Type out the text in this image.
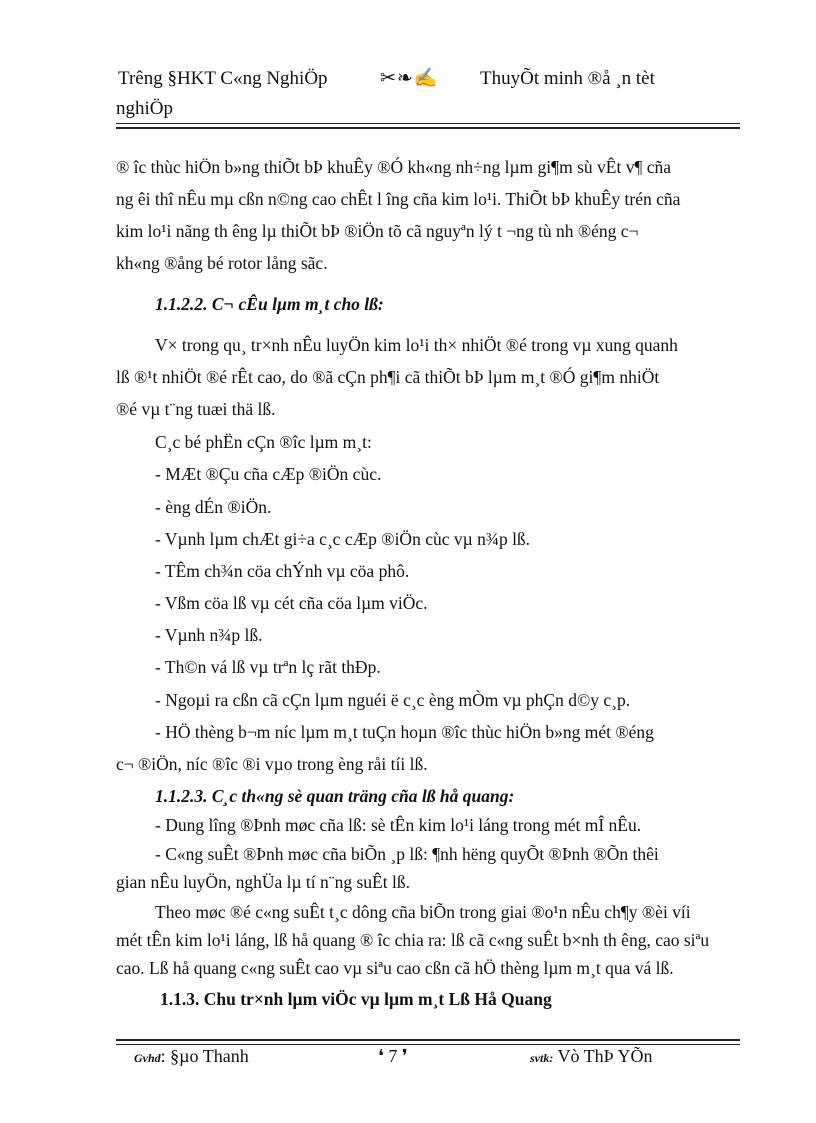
Trêng §HKT C«ng NghiÖp	✂❧✍ ThuyÕt minh ®å ¸n tèt
nghiÖp
® îc thùc hiÖn b»ng thiÕt bÞ khuÊy ®Ó kh«ng nh÷ng lµm gi¶m sù vÊt v¶ cña
ng êi thî nÊu mµ cßn n©ng cao chÊt l îng cña kim lo¹i. ThiÕt bÞ khuÊy trén cña
kim lo¹i nãng th êng lµ thiÕt bÞ ®iÖn tõ cã nguyªn lý t ¬ng tù nh ®éng c¬
kh«ng ®ång bé rotor lång sãc.
1.1.2.2. C¬ cÊu lµm m¸t cho lß:
V× trong qu¸ tr×nh nÊu luyÖn kim lo¹i th× nhiÖt ®é trong vµ xung quanh
lß ®¹t nhiÖt ®é rÊt cao, do ®ã cÇn ph¶i cã thiÕt bÞ lµm m¸t ®Ó gi¶m nhiÖt
®é vµ t¨ng tuæi thä lß.
C¸c bé phËn cÇn ®îc lµm m¸t:
- MÆt ®Çu cña cÆp ®iÖn cùc.
- èng dÉn ®iÖn.
- Vµnh lµm chÆt gi÷a c¸c cÆp ®iÖn cùc vµ n¾p lß.
- TÊm ch¾n cöa chÝnh vµ cöa phô.
- Vßm cöa lß vµ cét cña cöa lµm viÖc.
- Vµnh n¾p lß.
- Th©n vá lß vµ trªn lç rãt thÐp.
- Ngoµi ra cßn cã cÇn lµm nguéi ë c¸c èng mÒm vµ phÇn d©y c¸p.
- HÖ thèng b¬m níc lµm m¸t tuÇn hoµn ®îc thùc hiÖn b»ng mét ®éng
c¬ ®iÖn, níc ®îc ®i vµo trong èng råi tíi lß.
1.1.2.3. C¸c th«ng sè quan träng cña lß hå quang:
- Dung lîng ®Þnh møc cña lß: sè tÊn kim lo¹i láng trong mét mÎ nÊu.
- C«ng suÊt ®Þnh møc cña biÕn ¸p lß: ¶nh hëng quyÕt ®Þnh ®Õn thêi
gian nÊu luyÖn, nghÜa lµ tí n¨ng suÊt lß.
Theo møc ®é c«ng suÊt t¸c dông cña biÕn trong giai ®o¹n nÊu ch¶y ®èi víi
mét tÊn kim lo¹i láng, lß hå quang ® îc chia ra: lß cã c«ng suÊt b×nh th êng, cao siªu
cao. Lß hå quang c«ng suÊt cao vµ siªu cao cßn cã hÖ thèng lµm m¸t qua vá lß.
1.1.3. Chu tr×nh lµm viÖc vµ lµm m¸t Lß Hå Quang
Gvhd: §µo Thanh	❛ 7 ❜	svtk: Vò ThÞ YÕn
